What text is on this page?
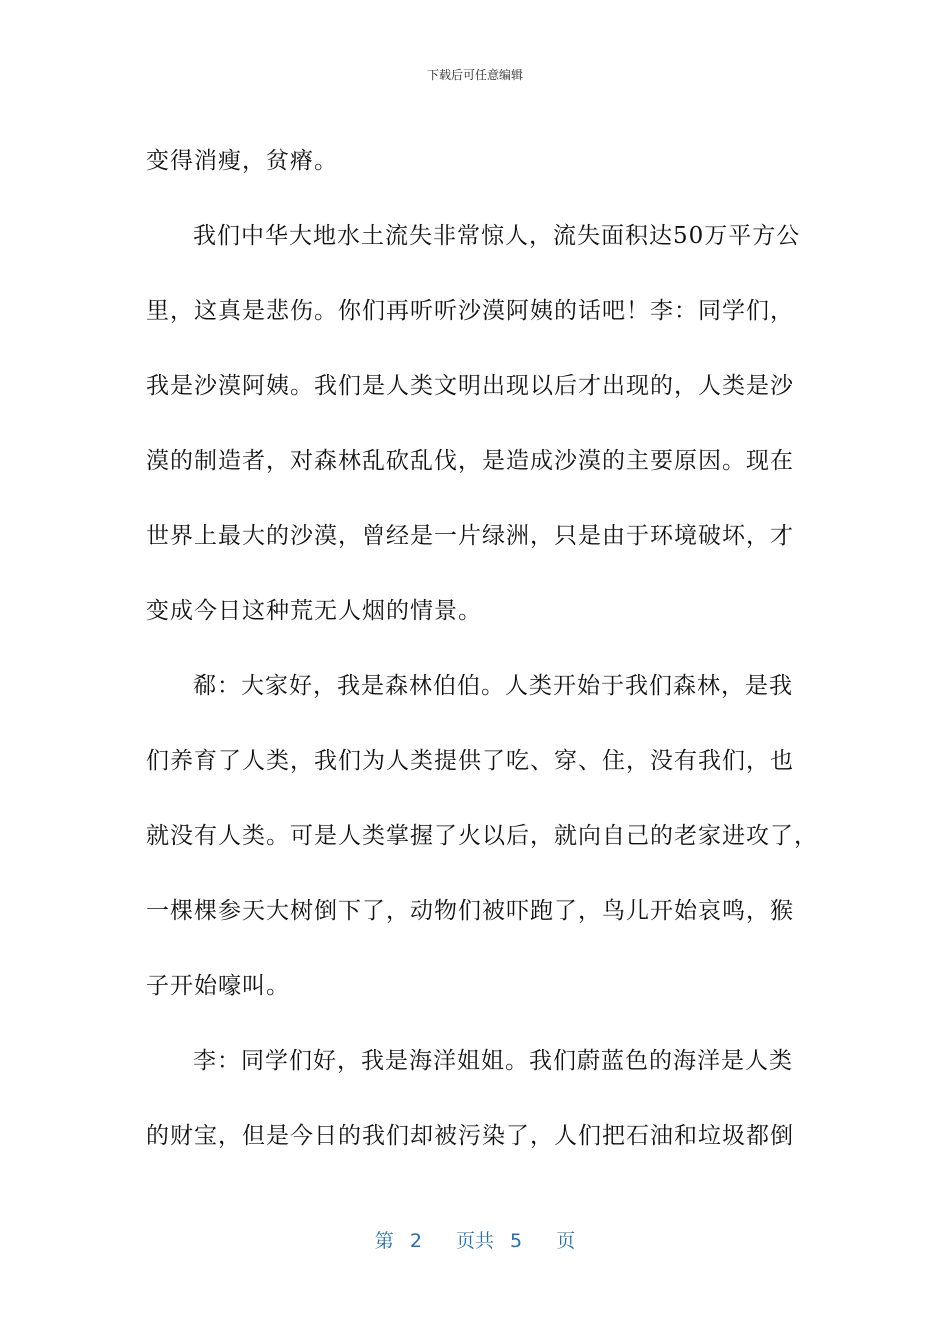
下载后可任意编辑
变得消瘦，贫瘠。
我们中华大地水土流失非常惊人，流失面积达50万平方公
里，这真是悲伤。你们再听听沙漠阿姨的话吧！李：同学们，
我是沙漠阿姨。我们是人类文明出现以后才出现的，人类是沙
漠的制造者，对森林乱砍乱伐，是造成沙漠的主要原因。现在
世界上最大的沙漠，曾经是一片绿洲，只是由于环境破坏，才
变成今日这种荒无人烟的情景。
郗：大家好，我是森林伯伯。人类开始于我们森林，是我
们养育了人类，我们为人类提供了吃、穿、住，没有我们，也
就没有人类。可是人类掌握了火以后，就向自己的老家进攻了，
一棵棵参天大树倒下了，动物们被吓跑了，鸟儿开始哀鸣，猴
子开始嚎叫。
李：同学们好，我是海洋姐姐。我们蔚蓝色的海洋是人类
的财宝，但是今日的我们却被污染了，人们把石油和垃圾都倒
第 2 页共 5 页
